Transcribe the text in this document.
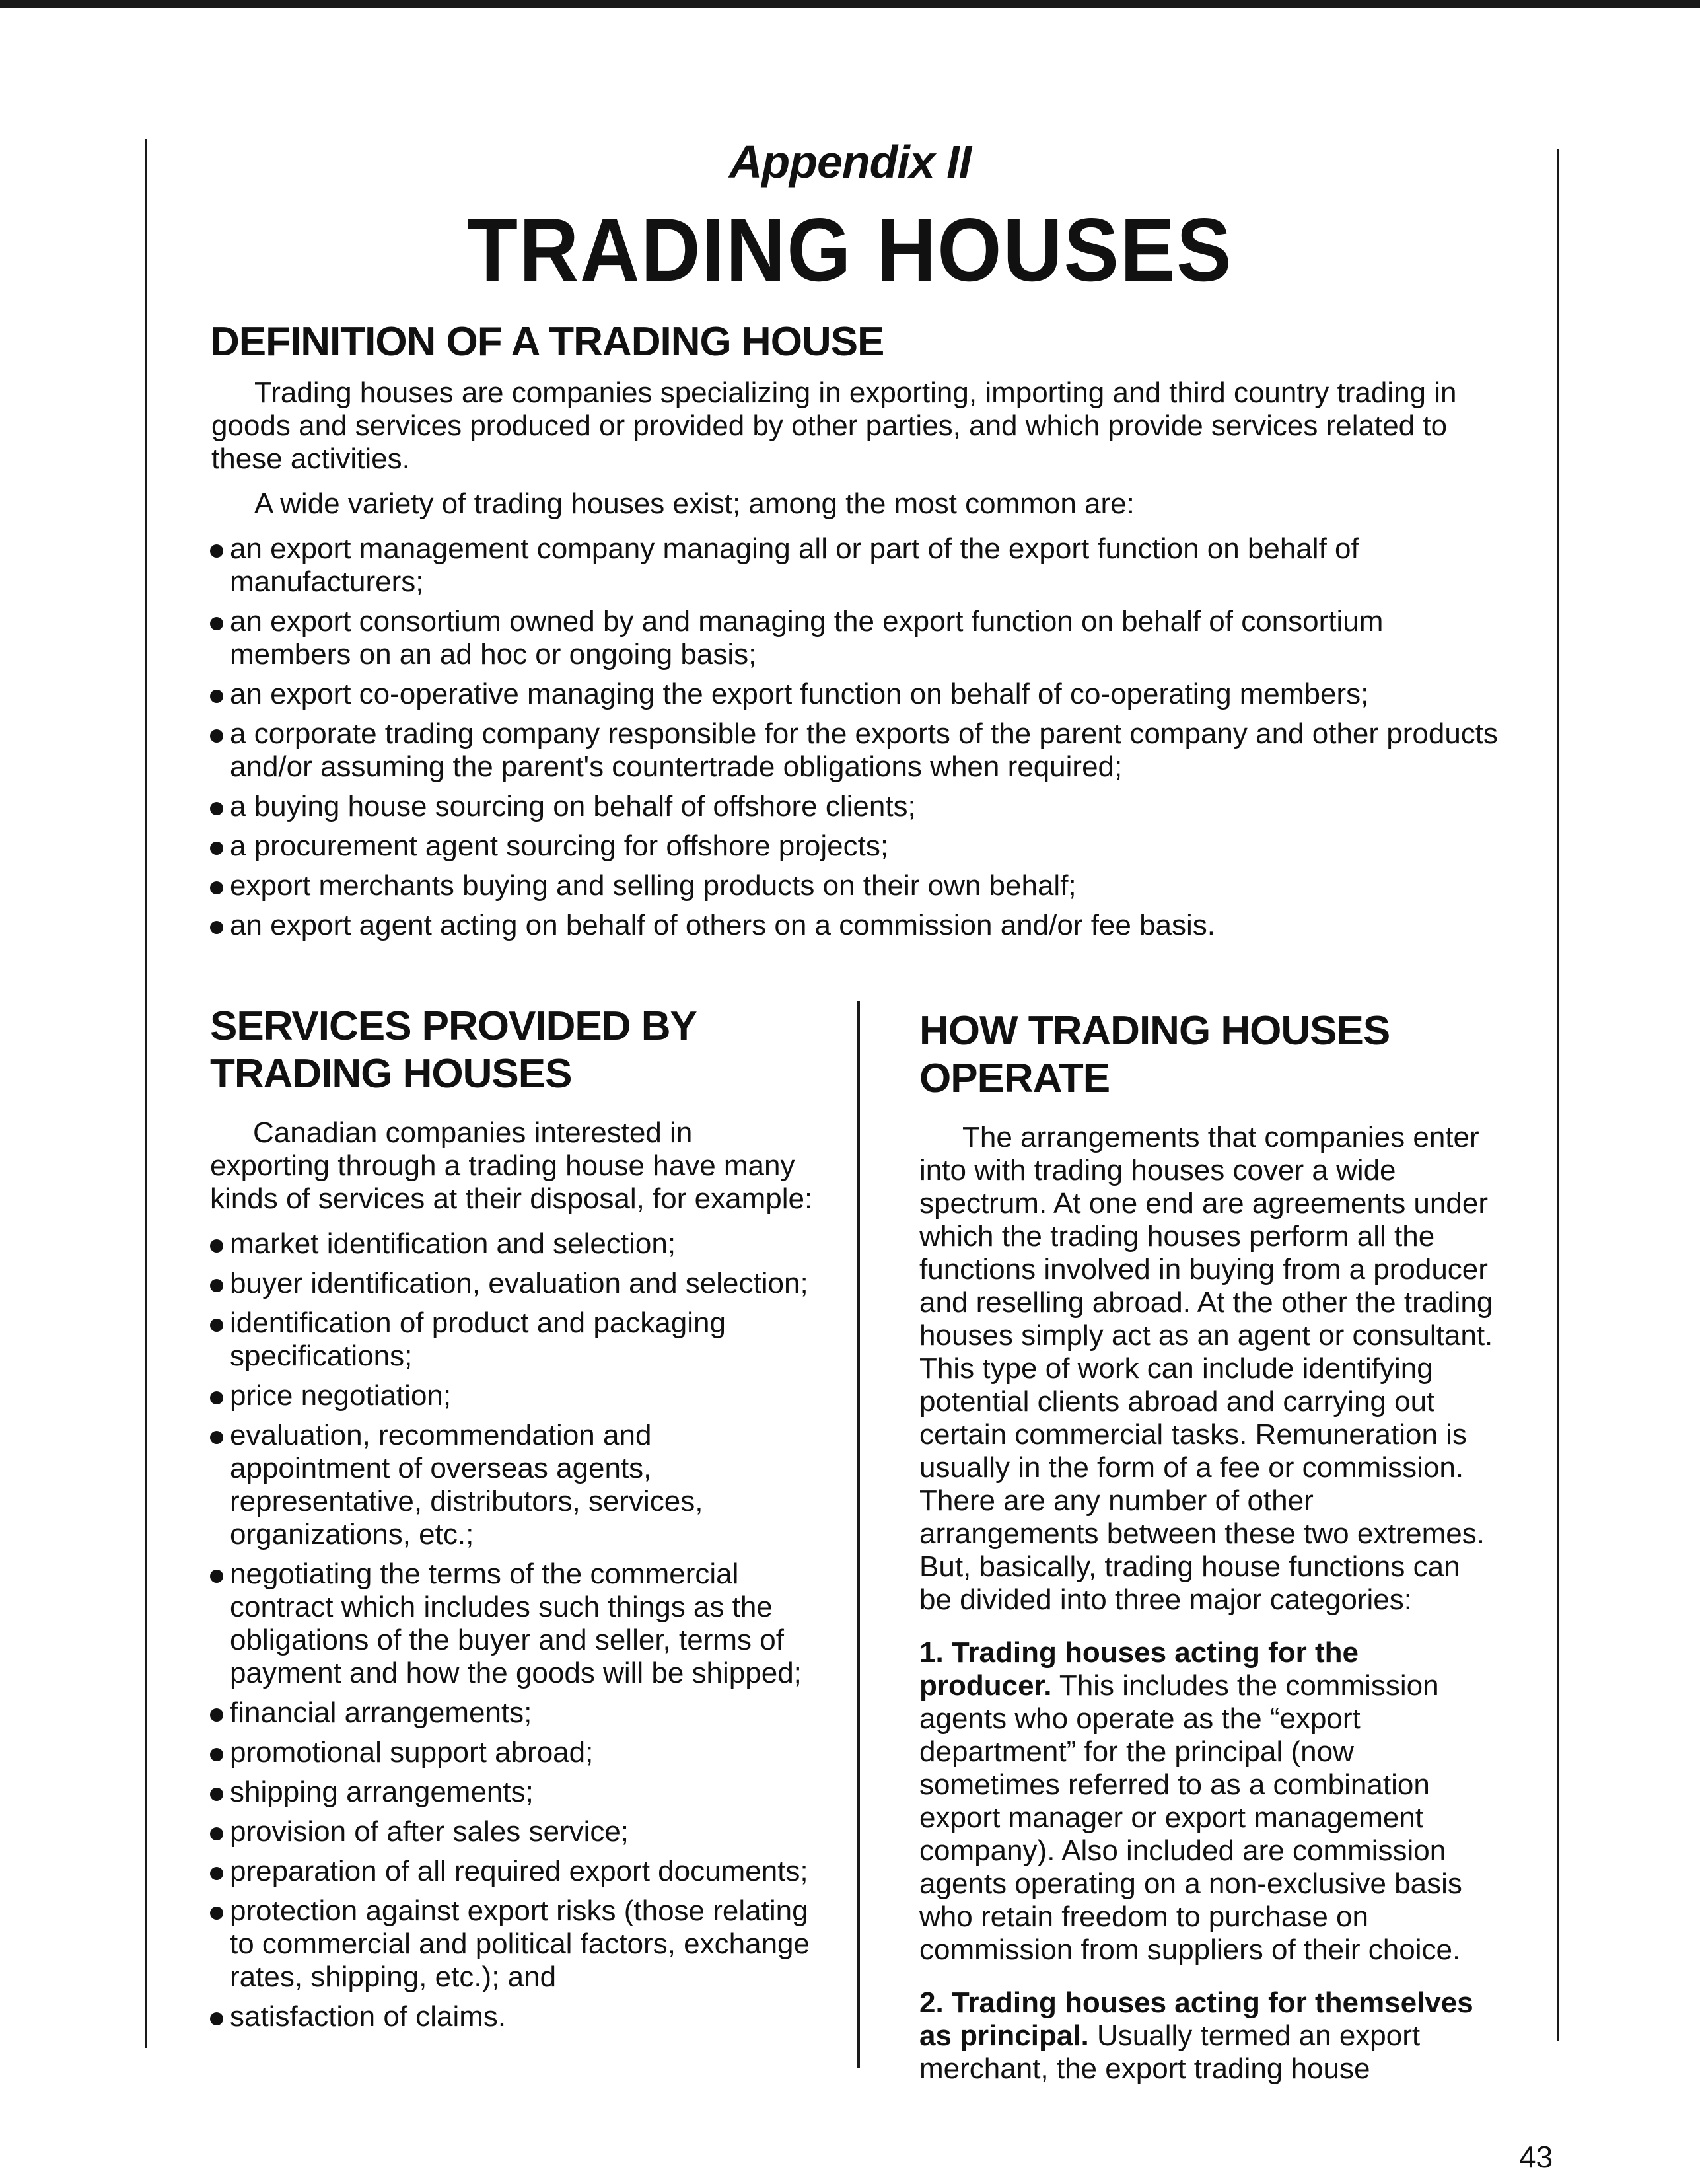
Appendix II
TRADING HOUSES
DEFINITION OF A TRADING HOUSE

Trading houses are companies specializing in exporting, importing and third country trading in goods and services produced or provided by other parties, and which provide services related to these activities.

A wide variety of trading houses exist; among the most common are:

an export management company managing all or part of the export function on behalf of manufacturers;
an export consortium owned by and managing the export function on behalf of consortium members on an ad hoc or ongoing basis;
an export co-operative managing the export function on behalf of co-operating members;
a corporate trading company responsible for the exports of the parent company and other products and/or assuming the parent's countertrade obligations when required;
a buying house sourcing on behalf of offshore clients;
a procurement agent sourcing for offshore projects;
export merchants buying and selling products on their own behalf;
an export agent acting on behalf of others on a commission and/or fee basis.
SERVICES PROVIDED BY TRADING HOUSES

Canadian companies interested in exporting through a trading house have many kinds of services at their disposal, for example:

market identification and selection;
buyer identification, evaluation and selection;
identification of product and packaging specifications;
price negotiation;
evaluation, recommendation and appointment of overseas agents, representative, distributors, services, organizations, etc.;
negotiating the terms of the commercial contract which includes such things as the obligations of the buyer and seller, terms of payment and how the goods will be shipped;
financial arrangements;
promotional support abroad;
shipping arrangements;
provision of after sales service;
preparation of all required export documents;
protection against export risks (those relating to commercial and political factors, exchange rates, shipping, etc.); and
satisfaction of claims.
HOW TRADING HOUSES OPERATE

The arrangements that companies enter into with trading houses cover a wide spectrum. At one end are agreements under which the trading houses perform all the functions involved in buying from a producer and reselling abroad. At the other the trading houses simply act as an agent or consultant. This type of work can include identifying potential clients abroad and carrying out certain commercial tasks. Remuneration is usually in the form of a fee or commission. There are any number of other arrangements between these two extremes. But, basically, trading house functions can be divided into three major categories:

1. Trading houses acting for the producer. This includes the commission agents who operate as the “export department” for the principal (now sometimes referred to as a combination export manager or export management company). Also included are commission agents operating on a non-exclusive basis who retain freedom to purchase on commission from suppliers of their choice.

2. Trading houses acting for themselves as principal. Usually termed an export merchant, the export trading house

43
